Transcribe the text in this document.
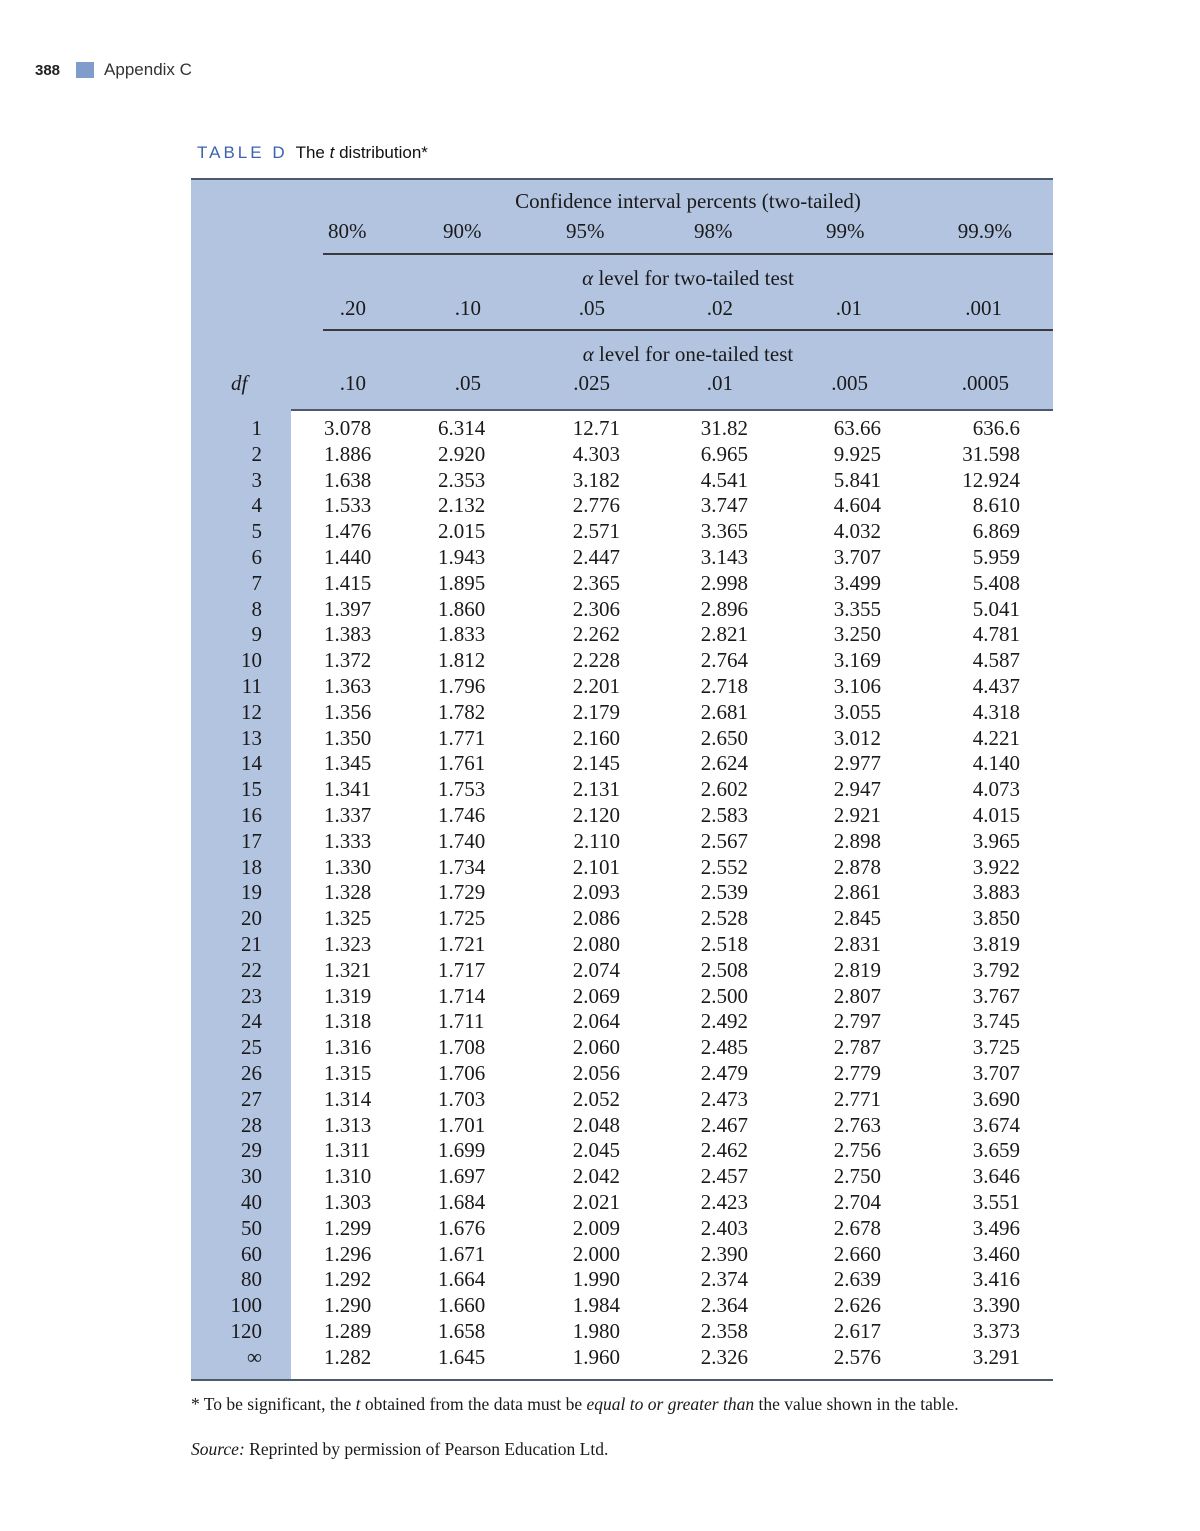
388	Appendix C
TABLE D The t distribution*
Confidence interval percents (two-tailed)
80%	90%	95%	98%	99%	99.9%
α level for two-tailed test
.20	.10	.05	.02	.01	.001
α level for one-tailed test
df	.10	.05	.025	.01	.005	.0005
1	3.078	6.314	12.71	31.82	63.66	636.6
2	1.886	2.920	4.303	6.965	9.925	31.598
3	1.638	2.353	3.182	4.541	5.841	12.924
4	1.533	2.132	2.776	3.747	4.604	8.610
5	1.476	2.015	2.571	3.365	4.032	6.869
6	1.440	1.943	2.447	3.143	3.707	5.959
7	1.415	1.895	2.365	2.998	3.499	5.408
8	1.397	1.860	2.306	2.896	3.355	5.041
9	1.383	1.833	2.262	2.821	3.250	4.781
10	1.372	1.812	2.228	2.764	3.169	4.587
11	1.363	1.796	2.201	2.718	3.106	4.437
12	1.356	1.782	2.179	2.681	3.055	4.318
13	1.350	1.771	2.160	2.650	3.012	4.221
14	1.345	1.761	2.145	2.624	2.977	4.140
15	1.341	1.753	2.131	2.602	2.947	4.073
16	1.337	1.746	2.120	2.583	2.921	4.015
17	1.333	1.740	2.110	2.567	2.898	3.965
18	1.330	1.734	2.101	2.552	2.878	3.922
19	1.328	1.729	2.093	2.539	2.861	3.883
20	1.325	1.725	2.086	2.528	2.845	3.850
21	1.323	1.721	2.080	2.518	2.831	3.819
22	1.321	1.717	2.074	2.508	2.819	3.792
23	1.319	1.714	2.069	2.500	2.807	3.767
24	1.318	1.711	2.064	2.492	2.797	3.745
25	1.316	1.708	2.060	2.485	2.787	3.725
26	1.315	1.706	2.056	2.479	2.779	3.707
27	1.314	1.703	2.052	2.473	2.771	3.690
28	1.313	1.701	2.048	2.467	2.763	3.674
29	1.311	1.699	2.045	2.462	2.756	3.659
30	1.310	1.697	2.042	2.457	2.750	3.646
40	1.303	1.684	2.021	2.423	2.704	3.551
50	1.299	1.676	2.009	2.403	2.678	3.496
60	1.296	1.671	2.000	2.390	2.660	3.460
80	1.292	1.664	1.990	2.374	2.639	3.416
100	1.290	1.660	1.984	2.364	2.626	3.390
120	1.289	1.658	1.980	2.358	2.617	3.373
∞	1.282	1.645	1.960	2.326	2.576	3.291
* To be significant, the t obtained from the data must be equal to or greater than the value shown in the table.
Source: Reprinted by permission of Pearson Education Ltd.
